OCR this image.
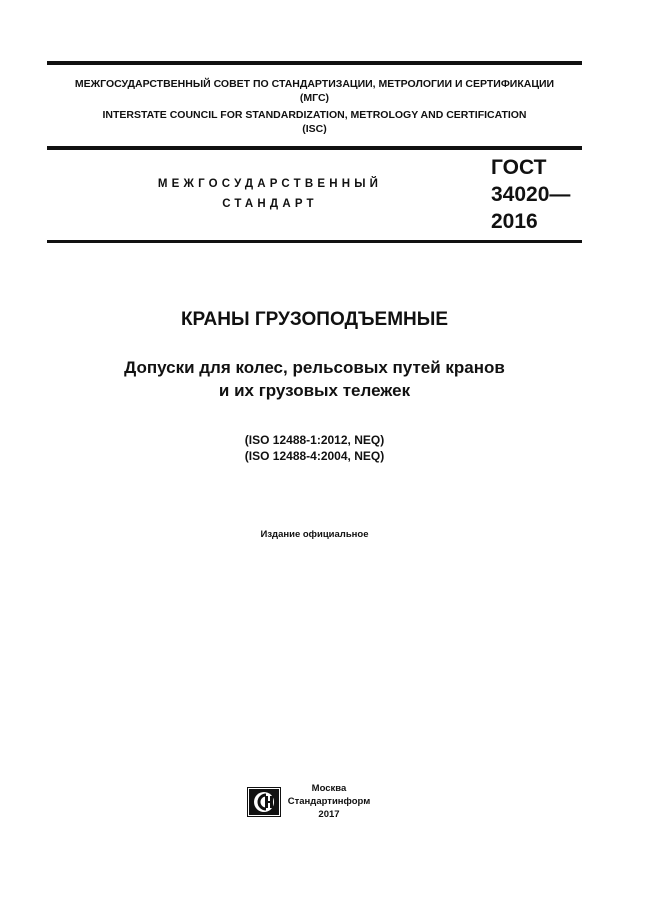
МЕЖГОСУДАРСТВЕННЫЙ СОВЕТ ПО СТАНДАРТИЗАЦИИ, МЕТРОЛОГИИ И СЕРТИФИКАЦИИ
(МГС)
INTERSTATE COUNCIL FOR STANDARDIZATION, METROLOGY AND CERTIFICATION
(ISC)
МЕЖГОСУДАРСТВЕННЫЙ
СТАНДАРТ
ГОСТ
34020—
2016
КРАНЫ ГРУЗОПОДЪЕМНЫЕ
Допуски для колес, рельсовых путей кранов
и их грузовых тележек
(ISO 12488-1:2012, NEQ)
(ISO 12488-4:2004, NEQ)
Издание официальное
Москва
Стандартинформ
2017
